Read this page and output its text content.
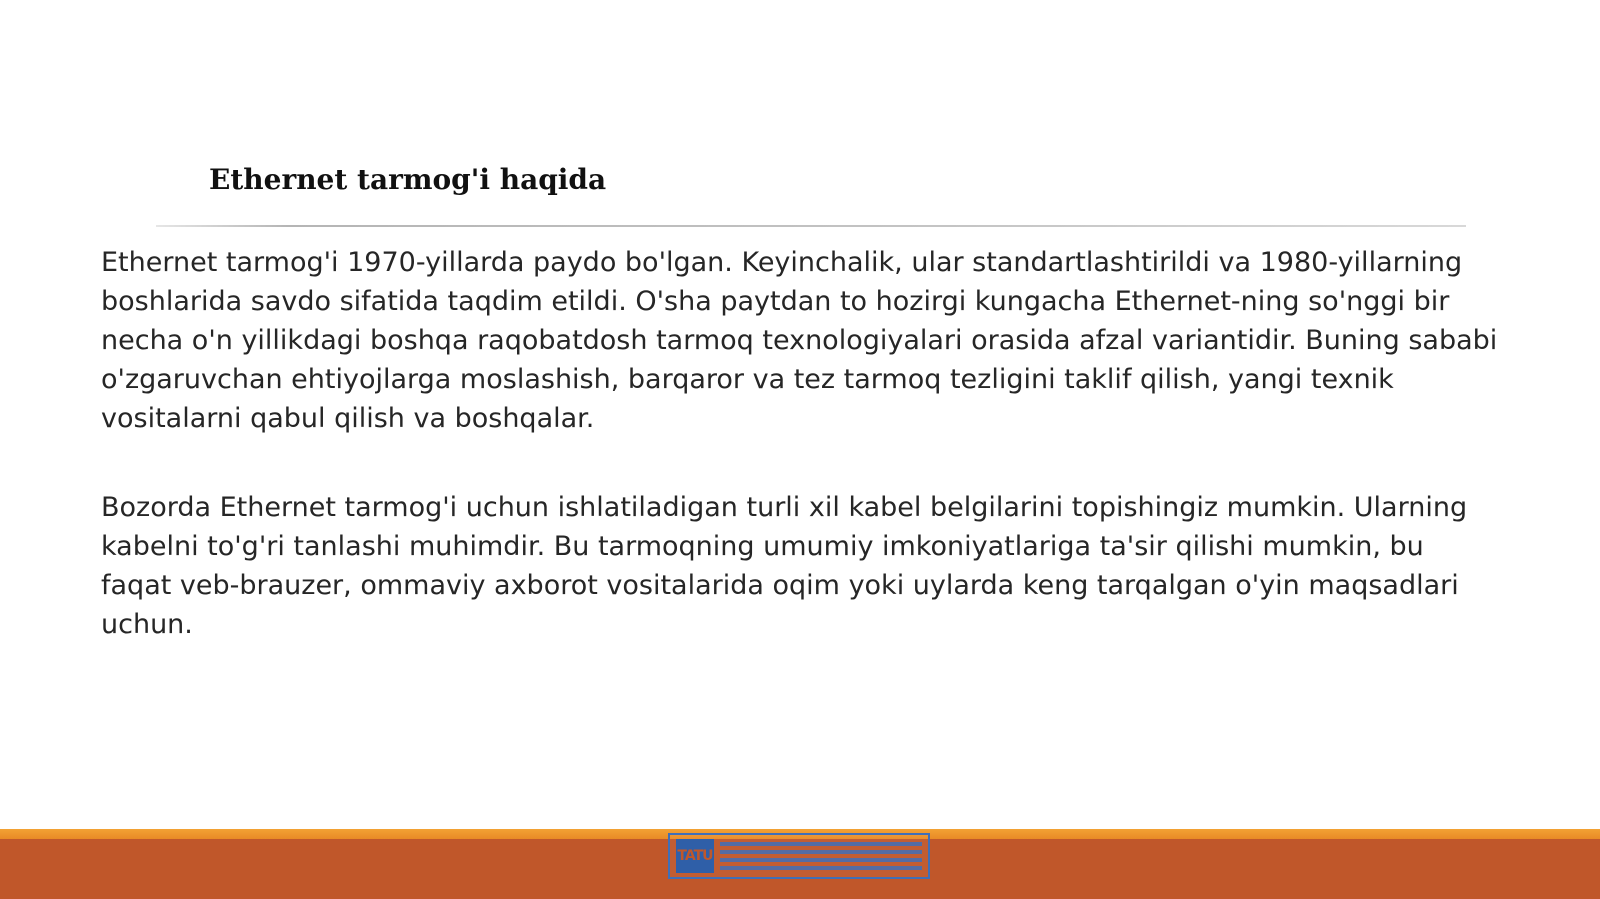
Ethernet tarmog'i haqida

Ethernet tarmog'i 1970-yillarda paydo bo'lgan. Keyinchalik, ular standartlashtirildi va 1980-yillarning boshlarida savdo sifatida taqdim etildi. O'sha paytdan to hozirgi kungacha Ethernet-ning so'nggi bir necha o'n yillikdagi boshqa raqobatdosh tarmoq texnologiyalari orasida afzal variantidir. Buning sababi o'zgaruvchan ehtiyojlarga moslashish, barqaror va tez tarmoq tezligini taklif qilish, yangi texnik vositalarni qabul qilish va boshqalar.

Bozorda Ethernet tarmog'i uchun ishlatiladigan turli xil kabel belgilarini topishingiz mumkin. Ularning kabelni to'g'ri tanlashi muhimdir. Bu tarmoqning umumiy imkoniyatlariga ta'sir qilishi mumkin, bu faqat veb-brauzer, ommaviy axborot vositalarida oqim yoki uylarda keng tarqalgan o'yin maqsadlari uchun.

TATU
